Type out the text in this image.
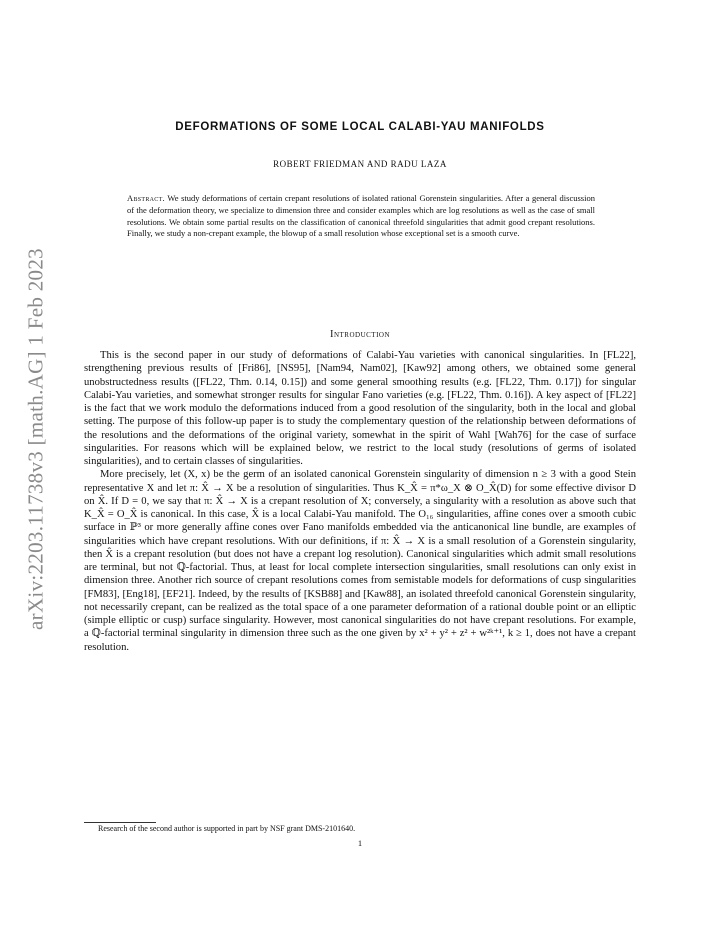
arXiv:2203.11738v3 [math.AG] 1 Feb 2023
DEFORMATIONS OF SOME LOCAL CALABI-YAU MANIFOLDS
ROBERT FRIEDMAN AND RADU LAZA

Abstract. We study deformations of certain crepant resolutions of isolated rational Gorenstein singularities. After a general discussion of the deformation theory, we specialize to dimension three and consider examples which are log resolutions as well as the case of small resolutions. We obtain some partial results on the classification of canonical threefold singularities that admit good crepant resolutions. Finally, we study a non-crepant example, the blowup of a small resolution whose exceptional set is a smooth curve.

Introduction

This is the second paper in our study of deformations of Calabi-Yau varieties with canonical singularities. In [FL22], strengthening previous results of [Fri86], [NS95], [Nam94, Nam02], [Kaw92] among others, we obtained some general unobstructedness results ([FL22, Thm. 0.14, 0.15]) and some general smoothing results (e.g. [FL22, Thm. 0.17]) for singular Calabi-Yau varieties, and somewhat stronger results for singular Fano varieties (e.g. [FL22, Thm. 0.16]). A key aspect of [FL22] is the fact that we work modulo the deformations induced from a good resolution of the singularity, both in the local and global setting. The purpose of this follow-up paper is to study the complementary question of the relationship between deformations of the resolutions and the deformations of the original variety, somewhat in the spirit of Wahl [Wah76] for the case of surface singularities. For reasons which will be explained below, we restrict to the local study (resolutions of germs of isolated singularities), and to certain classes of singularities.

More precisely, let (X, x) be the germ of an isolated canonical Gorenstein singularity of dimension n ≥ 3 with a good Stein representative X and let π: X̂ → X be a resolution of singularities. Thus K_X̂ = π*ω_X ⊗ O_X̂(D) for some effective divisor D on X̂. If D = 0, we say that π: X̂ → X is a crepant resolution of X; conversely, a singularity with a resolution as above such that K_X̂ = O_X̂ is canonical. In this case, X̂ is a local Calabi-Yau manifold. The O₁₆ singularities, affine cones over a smooth cubic surface in ℙ³ or more generally affine cones over Fano manifolds embedded via the anticanonical line bundle, are examples of singularities which have crepant resolutions. With our definitions, if π: X̂ → X is a small resolution of a Gorenstein singularity, then X̂ is a crepant resolution (but does not have a crepant log resolution). Canonical singularities which admit small resolutions are terminal, but not ℚ-factorial. Thus, at least for local complete intersection singularities, small resolutions can only exist in dimension three. Another rich source of crepant resolutions comes from semistable models for deformations of cusp singularities [FM83], [Eng18], [EF21]. Indeed, by the results of [KSB88] and [Kaw88], an isolated threefold canonical Gorenstein singularity, not necessarily crepant, can be realized as the total space of a one parameter deformation of a rational double point or an elliptic (simple elliptic or cusp) surface singularity. However, most canonical singularities do not have crepant resolutions. For example, a ℚ-factorial terminal singularity in dimension three such as the one given by x² + y² + z² + w²ᵏ⁺¹, k ≥ 1, does not have a crepant resolution.

Research of the second author is supported in part by NSF grant DMS-2101640.

1
